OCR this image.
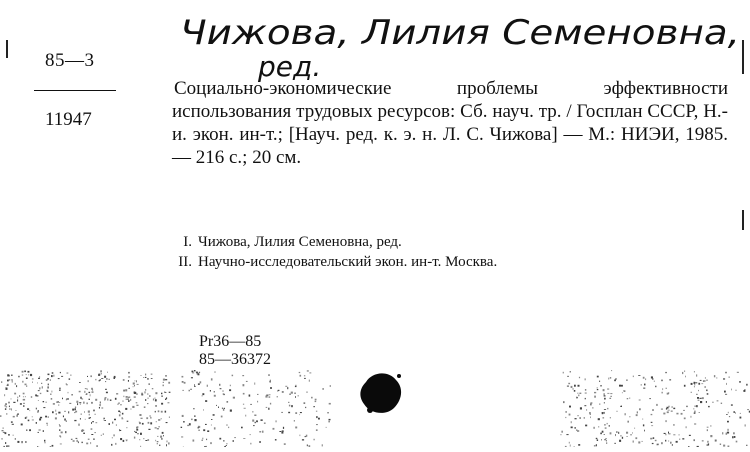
Чижова, Лилия Семеновна,
ред.
85—3
11947
Социально-экономические проблемы эффективности использования трудовых ресурсов: Сб. науч. тр. / Госплан СССР, Н.-и. экон. ин-т.; [Науч. ред. к. э. н. Л. С. Чижова] — М.: НИЭИ, 1985. — 216 с.; 20 см.
I. Чижова, Лилия Семеновна, ред.
II. Научно-исследовательский экон. ин-т. Москва.
Pr36—85
85—36372
